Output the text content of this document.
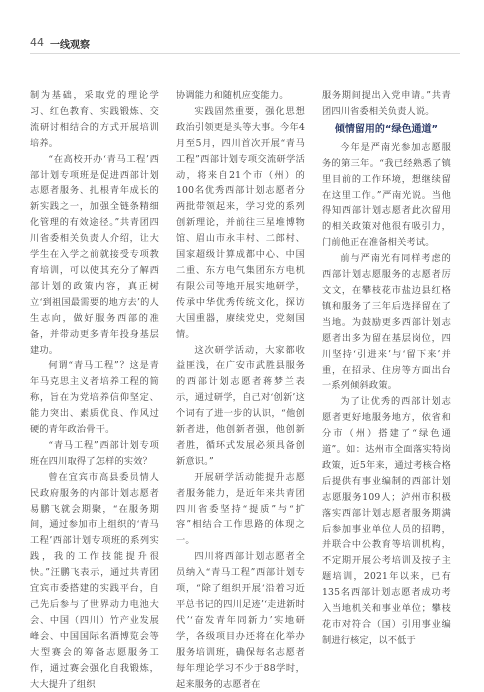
44 一线观察

制为基础，采取党的理论学习、红色教育、实践锻炼、交流研讨相结合的方式开展培训培养。

“在高校开办‘青马工程’西部计划专项班是促进西部计划志愿者服务、扎根青年成长的新实践之一，加强全链条精细化管理的有效途径。”共青团四川省委相关负责人介绍，让大学生在入学之前就接受专项教育培训，可以使其充分了解西部计划的政策内容，真正树立‘到祖国最需要的地方去’的人生志向，做好服务西部的准备，并带动更多青年投身基层建功。

何谓“青马工程”？这是青年马克思主义者培养工程的简称，旨在为党培养信仰坚定、能力突出、素质优良、作风过硬的青年政治骨干。

“青马工程”西部计划专项班在四川取得了怎样的实效？

曾在宜宾市高县委员情人民政府服务的内部计划志愿者易鹏飞就会期聚，“在服务期间，通过参加市上组织的‘青马工程’西部计划专项班的系列实践，我的工作技能提升很快。”汪鹏飞表示，通过共青团宜宾市委搭建的实践平台，自己先后参与了世界动力电池大会、中国（四川）竹产业发展峰会、中国国际名酒博览会等大型赛会的筹备志愿服务工作，通过赛会强化自我锻炼，大大提升了组织

协调能力和随机应变能力。

实践固然重要，强化思想政治引领更是头等大事。今年4月至5月，四川首次开展“青马工程”西部计划专项交流研学活动，将来自21个市（州）的100名优秀西部计划志愿者分两批带领起来，学习党的系列创新理论，并前往三星堆博物馆、眉山市永丰村、二郎村、国家超级计算成都中心、中国二重、东方电气集团东方电机有限公司等地开展实地研学，传承中华优秀传统文化，探访大国重器，赓续党史，党刻国情。

这次研学活动，大家都收益匪浅，在广安市武胜县服务的西部计划志愿者蒋梦兰表示，通过研学，自己对‘创新’这个词有了进一步的认识，“他创新者进，他创新者强，他创新者胜，循环式发展必须具备创新意识。”

开展研学活动能提升志愿者服务能力，是近年来共青团四川省委坚持“提质”与“扩容”相结合工作思路的体现之一。

四川将西部计划志愿者全员纳入“青马工程”西部计划专项，“除了组织开展‘沿着习近平总书记的四川足迹’‘走进新时代’‘奋发青年同新力’实地研学，各级项目办还将在化举办服务培训班，确保每名志愿者每年理论学习不少于88学时，起来服务的志愿者在

服务期间提出入党申请。”共青团四川省委相关负责人说。

倾情留用的“绿色通道”

今年是严南光参加志愿服务的第三年。“我已经熟悉了镇里目前的工作环境，想继续留在这里工作。”严南光说。当他得知西部计划志愿者此次留用的相关政策对他很有吸引力，门前他正在准备相关考试。

前与严南光有同样考虑的西部计划志愿服务的志愿者厉文文，在攀枝花市盐边县红格镇和服务了三年后选择留在了当地。为鼓励更多西部计划志愿者出多为留在基层岗位，四川坚持‘引进来’与‘留下来’并重，在招录、住房等方面出台一系列倾斜政策。

为了让优秀的西部计划志愿者更好地服务地方，依省和分市（州）搭建了“绿色通道”。如：达州市全面落实特岗政策，近5年来，通过考核合格后提供有事业编制的西部计划志愿服务109人；泸州市积极落实西部计划志愿者服务期满后参加事业单位人员的招聘，并联合中公教育等培训机构，不定期开展公考培训及按子主题培训，2021年以来，已有135名西部计划志愿者成功考入当地机关和事业单位；攀枝花市对符合（国）引用事业编制进行核定，以不低于
